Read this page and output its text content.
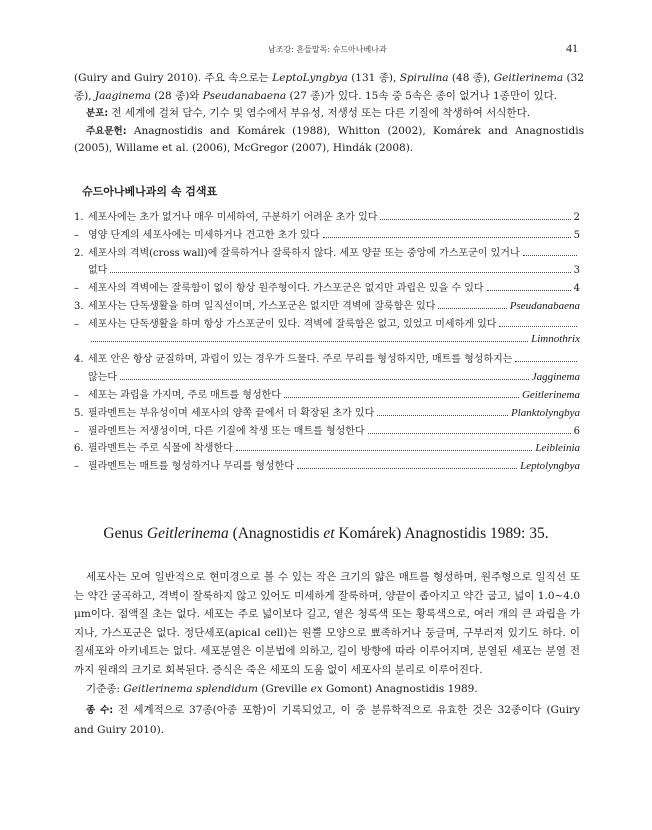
남조강: 흔들말목: 슈드아나베나과	41

(Guiry and Guiry 2010). 주요 속으로는 LeptoLyngbya (131 종), Spirulina (48 종), Geitlerinema (32 종), Jaaginema (28 종)와 Pseudanabaena (27 종)가 있다. 15속 중 5속은 종이 없거나 1종만이 있다.

분포: 전 세계에 걸쳐 담수, 기수 및 염수에서 부유성, 저생성 또는 다른 기질에 착생하여 서식한다.

주요문헌: Anagnostidis and Komárek (1988), Whitton (2002), Komárek and Anagnostidis (2005), Willame et al. (2006), McGregor (2007), Hindák (2008).

슈드아나베나과의 속 검색표
1. 세포사에는 초가 없거나 매우 미세하여, 구분하기 어려운 초가 있다	2
– 영양 단계의 세포사에는 미세하거나 견고한 초가 있다	5
2. 세포사의 격벽(cross wall)에 잘룩하거나 잘룩하지 않다. 세포 양끝 또는 중앙에 가스포군이 있거나
없다	3
– 세포사의 격벽에는 잘룩함이 없이 항상 원주형이다. 가스포군은 없지만 과립은 있을 수 있다	4
3. 세포사는 단독생활을 하며 일직선이며, 가스포군은 없지만 격벽에 잘룩함은 있다	Pseudanabaena
– 세포사는 단독생활을 하며 항상 가스포군이 있다. 격벽에 잘룩함은 없고, 있었고 미세하게 있다
Limnothrix
4. 세포 안은 항상 균질하며, 과립이 있는 경우가 드물다. 주로 무리를 형성하지만, 매트를 형성하지는
않는다	Jagginema
– 세포는 과립을 가지며, 주로 매트를 형성한다	Geitlerinema
5. 필라멘트는 부유성이며 세포사의 양쪽 끝에서 더 확장된 초가 있다	Planktolyngbya
– 필라멘트는 저생성이며, 다른 기질에 착생 또는 매트를 형성한다	6
6. 필라멘트는 주로 식물에 착생한다	Leibleinia
– 필라멘트는 매트를 형성하거나 무리를 형성한다	Leptolyngbya
Genus Geitlerinema (Anagnostidis et Komárek) Anagnostidis 1989: 35.

세포사는 모여 일반적으로 현미경으로 볼 수 있는 작은 크기의 얇은 매트를 형성하며, 원주형으로 일직선 또는 약간 굴곡하고, 격벽이 잘룩하지 않고 있어도 미세하게 잘룩하며, 양끝이 좁아지고 약간 굽고, 넓이 1.0~4.0 μm이다. 점액질 초는 없다. 세포는 주로 넓이보다 길고, 옅은 청록색 또는 황록색으로, 여러 개의 큰 과립을 가지나, 가스포군은 없다. 정단세포(apical cell)는 원뿔 모양으로 뾰족하거나 둥글며, 구부러져 있기도 하다. 이질세포와 아키네트는 없다. 세포분열은 이분법에 의하고, 길이 방향에 따라 이루어지며, 분열된 세포는 분열 전까지 원래의 크기로 회복된다. 증식은 죽은 세포의 도움 없이 세포사의 분리로 이루어진다.

기준종: Geitlerinema splendidum (Greville ex Gomont) Anagnostidis 1989.

종 수: 전 세계적으로 37종(아종 포함)이 기록되었고, 이 중 분류학적으로 유효한 것은 32종이다 (Guiry and Guiry 2010).
